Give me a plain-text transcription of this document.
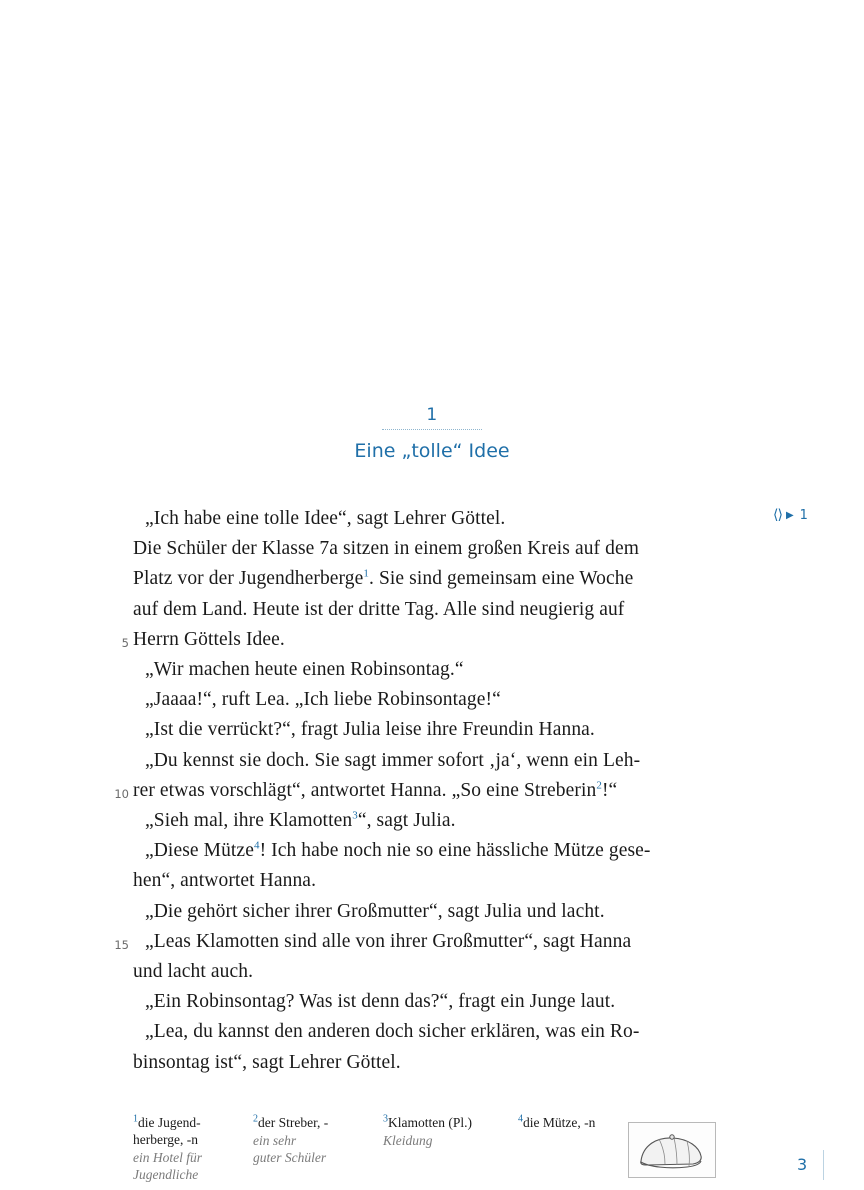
1
Eine „tolle“ Idee
⟨⟩ ▶ 1
„Ich habe eine tolle Idee“, sagt Lehrer Göttel.
Die Schüler der Klasse 7a sitzen in einem großen Kreis auf dem
Platz vor der Jugendherberge$^1$. Sie sind gemeinsam eine Woche
auf dem Land. Heute ist der dritte Tag. Alle sind neugierig auf
5 Herrn Göttels Idee.
„Wir machen heute einen Robinsontag.“
„Jaaaa!“, ruft Lea. „Ich liebe Robinsontage!“
„Ist die verrückt?“, fragt Julia leise ihre Freundin Hanna.
„Du kennst sie doch. Sie sagt immer sofort ‚ja‘, wenn ein Leh-
10 rer etwas vorschlägt“, antwortet Hanna. „So eine Streberin$^2$!“
„Sieh mal, ihre Klamotten$^3$“, sagt Julia.
„Diese Mütze$^4$! Ich habe noch nie so eine hässliche Mütze gese-
hen“, antwortet Hanna.
„Die gehört sicher ihrer Großmutter“, sagt Julia und lacht.
15 „Leas Klamotten sind alle von ihrer Großmutter“, sagt Hanna
und lacht auch.
„Ein Robinsontag? Was ist denn das?“, fragt ein Junge laut.
„Lea, du kannst den anderen doch sicher erklären, was ein Ro-
binsontag ist“, sagt Lehrer Göttel.
$^1$die Jugend-
herberge, -n
ein Hotel für
Jugendliche
$^2$der Streber, -
ein sehr
guter Schüler
$^3$Klamotten (Pl.)
Kleidung
$^4$die Mütze, -n
3
